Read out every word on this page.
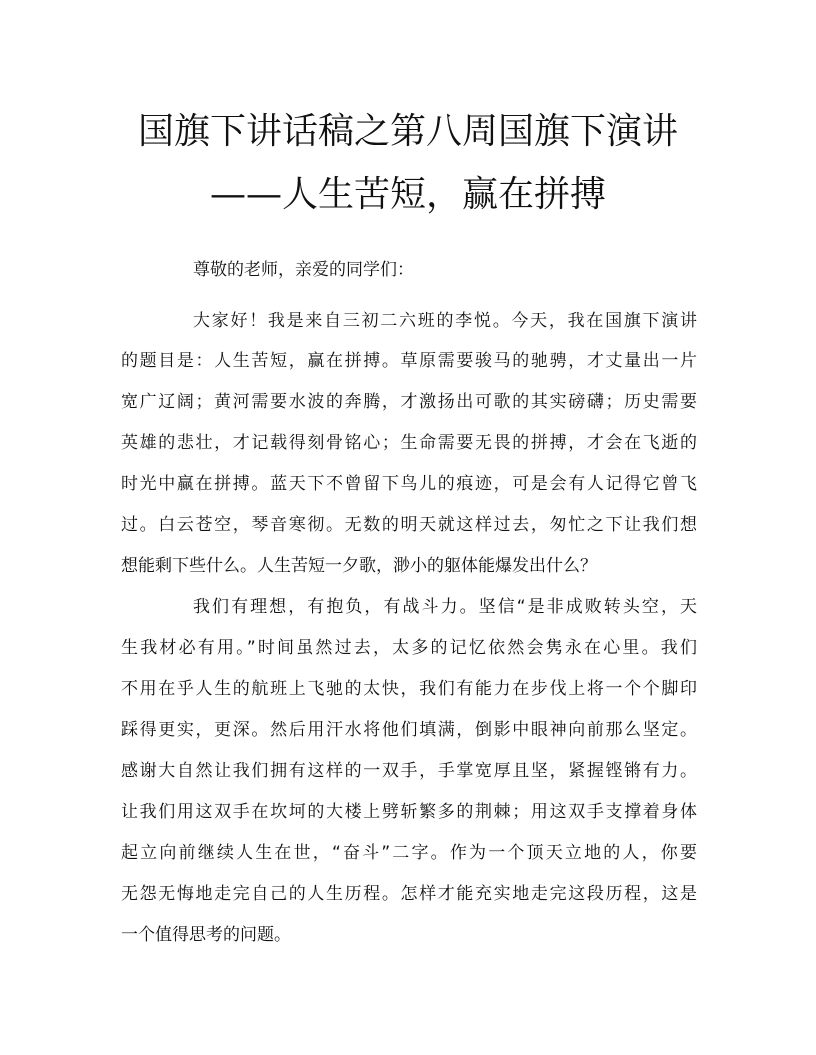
国旗下讲话稿之第八周国旗下演讲
——人生苦短，赢在拼搏
尊敬的老师，亲爱的同学们：
大家好！我是来自三初二六班的李悦。今天，我在国旗下演讲
的题目是：人生苦短，赢在拼搏。草原需要骏马的驰骋，才丈量出一片
宽广辽阔；黄河需要水波的奔腾，才激扬出可歌的其实磅礴；历史需要
英雄的悲壮，才记载得刻骨铭心；生命需要无畏的拼搏，才会在飞逝的
时光中赢在拼搏。蓝天下不曾留下鸟儿的痕迹，可是会有人记得它曾飞
过。白云苍空，琴音寒彻。无数的明天就这样过去，匆忙之下让我们想
想能剩下些什么。人生苦短一夕歌，渺小的躯体能爆发出什么？
我们有理想，有抱负，有战斗力。坚信“是非成败转头空，天
生我材必有用。”时间虽然过去，太多的记忆依然会隽永在心里。我们
不用在乎人生的航班上飞驰的太快，我们有能力在步伐上将一个个脚印
踩得更实，更深。然后用汗水将他们填满，倒影中眼神向前那么坚定。
感谢大自然让我们拥有这样的一双手，手掌宽厚且坚，紧握铿锵有力。
让我们用这双手在坎坷的大楼上劈斩繁多的荆棘；用这双手支撑着身体
起立向前继续人生在世，“奋斗”二字。作为一个顶天立地的人，你要
无怨无悔地走完自己的人生历程。怎样才能充实地走完这段历程，这是
一个值得思考的问题。
